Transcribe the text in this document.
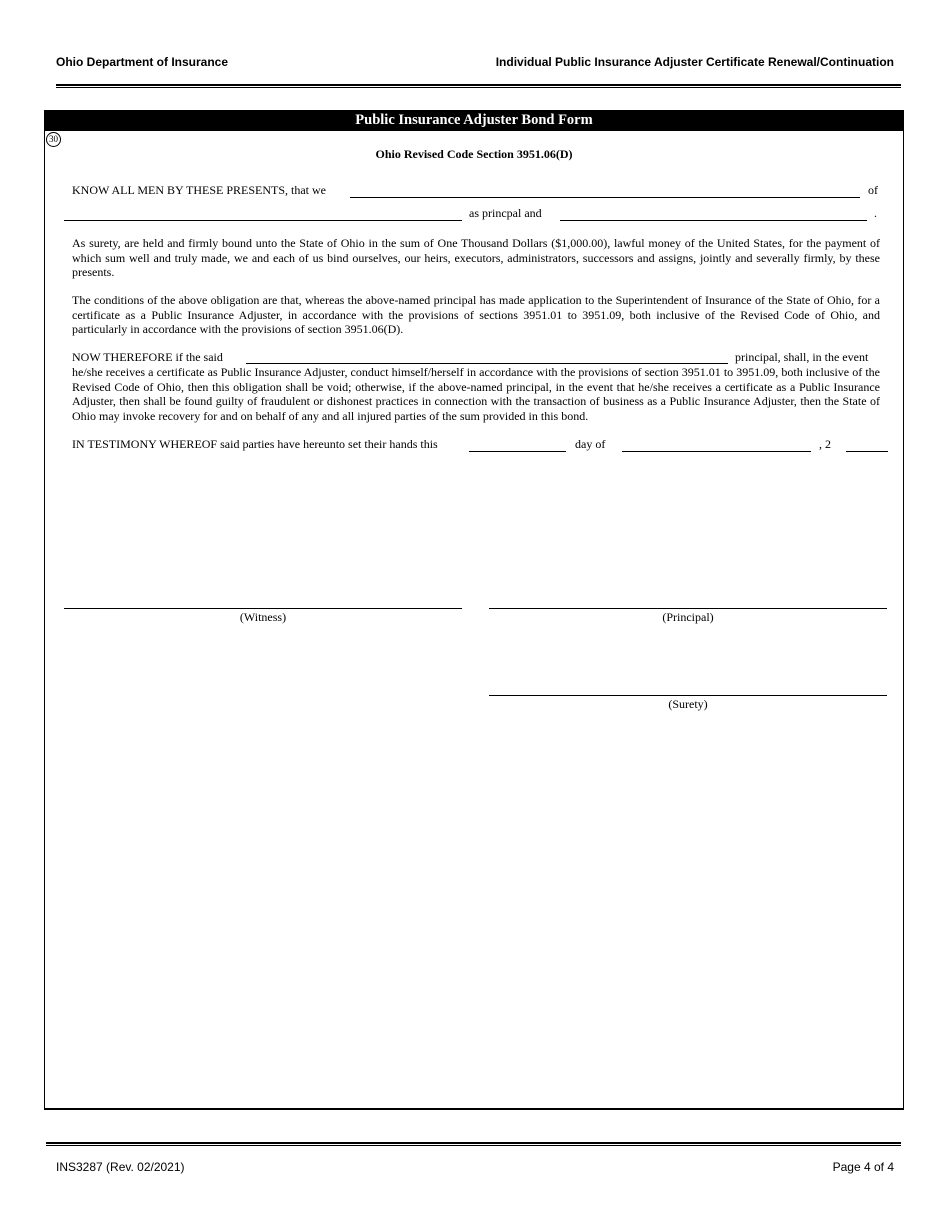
Ohio Department of Insurance	Individual Public Insurance Adjuster Certificate Renewal/Continuation
Public Insurance Adjuster Bond Form
30
Ohio Revised Code Section 3951.06(D)
KNOW ALL MEN BY THESE PRESENTS, that we	of
as princpal and	.
As surety, are held and firmly bound unto the State of Ohio in the sum of One Thousand Dollars ($1,000.00), lawful money of the United States, for the payment of which sum well and truly made, we and each of us bind ourselves, our heirs, executors, administrators, successors and assigns, jointly and severally firmly, by these presents.
The conditions of the above obligation are that, whereas the above-named principal has made application to the Superintendent of Insurance of the State of Ohio, for a certificate as a Public Insurance Adjuster, in accordance with the provisions of sections 3951.01 to 3951.09, both inclusive of the Revised Code of Ohio, and particularly in accordance with the provisions of section 3951.06(D).
NOW THEREFORE if the said	principal, shall, in the event
he/she receives a certificate as Public Insurance Adjuster, conduct himself/herself in accordance with the provisions of section 3951.01 to 3951.09, both inclusive of the Revised Code of Ohio, then this obligation shall be void; otherwise, if the above-named principal, in the event that he/she receives a certificate as a Public Insurance Adjuster, then shall be found guilty of fraudulent or dishonest practices in connection with the transaction of business as a Public Insurance Adjuster, then the State of Ohio may invoke recovery for and on behalf of any and all injured parties of the sum provided in this bond.
IN TESTIMONY WHEREOF said parties have hereunto set their hands this	day of	, 2
(Witness)	(Principal)
(Surety)
INS3287 (Rev. 02/2021)	Page 4 of 4
